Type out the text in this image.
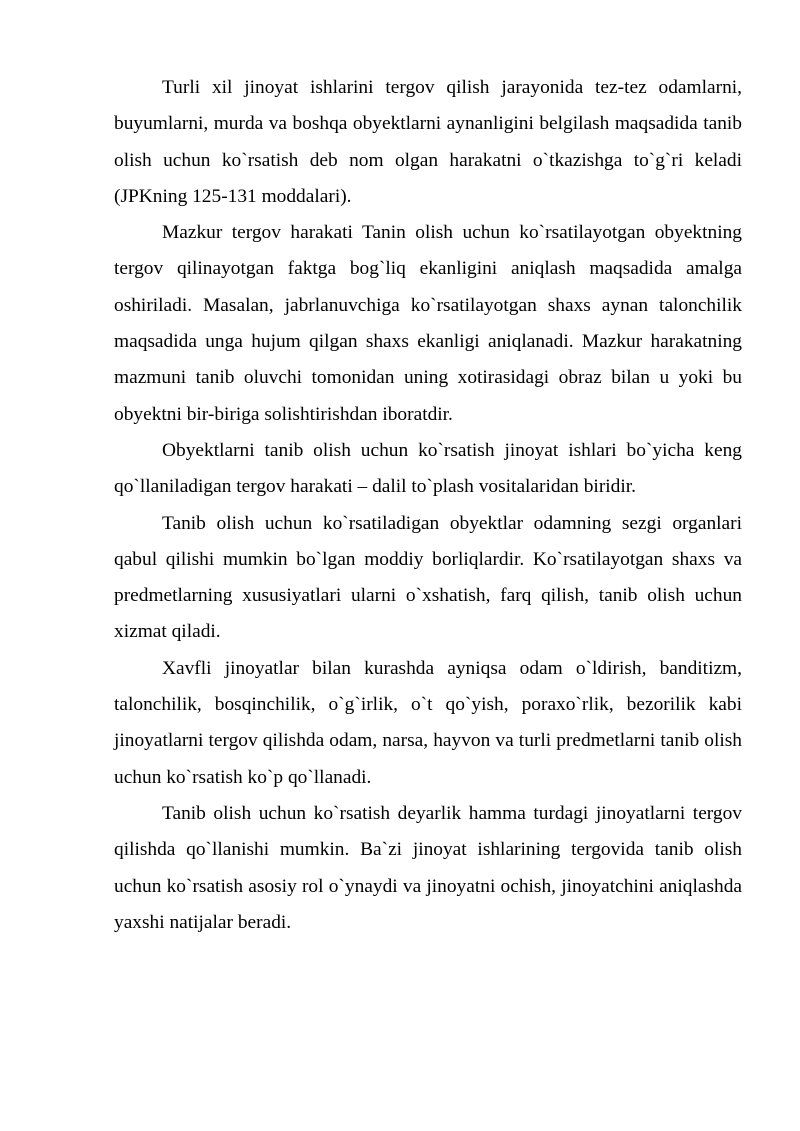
Turli xil jinoyat ishlarini tergov qilish jarayonida tez-tez odamlarni, buyumlarni, murda va boshqa obyektlarni aynanligini belgilash maqsadida tanib olish uchun ko`rsatish deb nom olgan harakatni o`tkazishga to`g`ri keladi (JPKning 125-131 moddalari).

Mazkur tergov harakati Tanin olish uchun ko`rsatilayotgan obyektning tergov qilinayotgan faktga bog`liq ekanligini aniqlash maqsadida amalga oshiriladi. Masalan, jabrlanuvchiga ko`rsatilayotgan shaxs aynan talonchilik maqsadida unga hujum qilgan shaxs ekanligi aniqlanadi. Mazkur harakatning mazmuni tanib oluvchi tomonidan uning xotirasidagi obraz bilan u yoki bu obyektni bir-biriga solishtirishdan iboratdir.

Obyektlarni tanib olish uchun ko`rsatish jinoyat ishlari bo`yicha keng qo`llaniladigan tergov harakati – dalil to`plash vositalaridan biridir.

Tanib olish uchun ko`rsatiladigan obyektlar odamning sezgi organlari qabul qilishi mumkin bo`lgan moddiy borliqlardir. Ko`rsatilayotgan shaxs va predmetlarning xususiyatlari ularni o`xshatish, farq qilish, tanib olish uchun xizmat qiladi.

Xavfli jinoyatlar bilan kurashda ayniqsa odam o`ldirish, banditizm, talonchilik, bosqinchilik, o`g`irlik, o`t qo`yish, poraxo`rlik, bezorilik kabi jinoyatlarni tergov qilishda odam, narsa, hayvon va turli predmetlarni tanib olish uchun ko`rsatish ko`p qo`llanadi.

Tanib olish uchun ko`rsatish deyarlik hamma turdagi jinoyatlarni tergov qilishda qo`llanishi mumkin. Ba`zi jinoyat ishlarining tergovida tanib olish uchun ko`rsatish asosiy rol o`ynaydi va jinoyatni ochish, jinoyatchini aniqlashda yaxshi natijalar beradi.
